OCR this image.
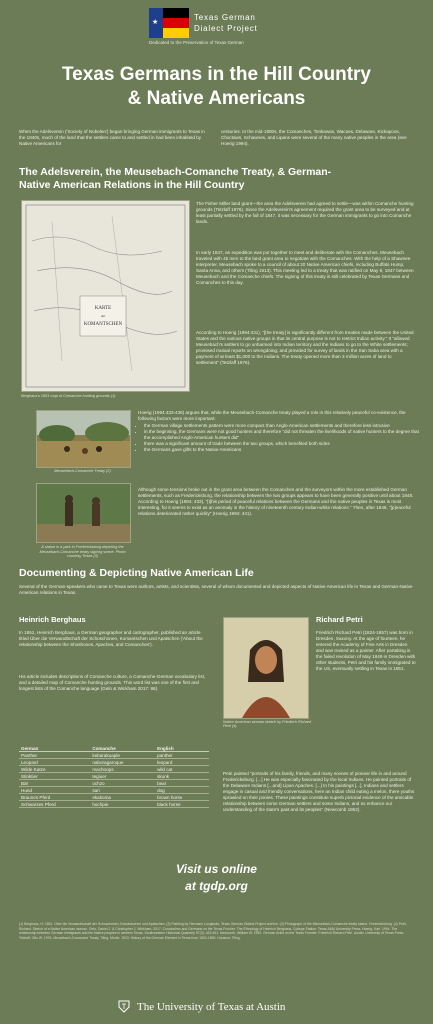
★
Texas German
Dialect Project
Dedicated to the Preservation of Texas German
Texas Germans in the Hill Country
& Native Americans
When the Adelsverein ('Society of Nobelen') began bringing German immigrants to Texas in the 1840s, much of the land that the settlers came to and settled in had been inhabited by Native Americans for
centuries. In the mid-1800s, the Comanches, Tonkawas, Wacoes, Delaware, Kickapoos, Choctaws, Schawnes, and Lipans were several of the many native peoples in the area (see Hoerig 1994).
The Adelsverein, the Meusebach-Comanche Treaty, & German-
Native American Relations in the Hill Country
KARTE
der
KOMANTSCHEN
Berghaus's 1851 map of Comanche hunting grounds (1)
The Fisher Miller land grant—the area the Adelsverein had agreed to settle—was within Comanche hunting grounds (Tetzlaff 1976). Since the Adelsverein's agreement required the grant area to be surveyed and at least partially settled by the fall of 1847, it was necessary for the German immigrants to go into Comanche lands.
In early 1847, an expedition was put together to meet and deliberate with the Comanches. Meusebach traveled with 45 men to the land grant area to negotiate with the Comanches. With the help of a Shawnee interpreter, Meusebach spoke to a council of about 20 Native American chiefs, including Buffalo Hump, Santa Anna, and others (Tiling 1913). This meeting led to a treaty that was ratified on May 9, 1847 between Meusebach and the Comanche chiefs. The signing of this treaty is still celebrated by Texas Germans and Comanches to this day.
According to Hoerig (1994:431), "[the treaty] is significantly different from treaties made between the United States and the various native groups in that its central purpose is not to restrict Indian activity." It "allowed Meusebach's settlers to go unharmed into Indian territory and the Indians to go to the White settlements; promised mutual reports on wrongdoing; and provided for survey of lands in the San Saba area with a payment of at least $1,000 to the Indians. The treaty opened more than 3 million acres of land to settlement" (Tetzlaff 1976).
Meusebach-Comanche Treaty (2)
Hoerig (1994:433-436) argues that, while the Meusebach-Comanche treaty played a role in this relatively peaceful co-existence, the following factors were more important:
• the German village settlements pattern were more compact than Anglo-American settlements and therefore less intrusive
• in the beginning, the Germans were not good hunters and therefore "did not threaten the livelihoods of native hunters to the degree that the accomplished Anglo-American hunters did"
• there was a significant amount of trade between the two groups, which benefited both sides
• the Germans gave gifts to the Native Americans
A statue in a park in Fredericksburg depicting the Meusebach-Comanche treaty signing scene. Photo courtesy Texas (3)
Although some tensions broke out in the grant area between the Comanches and the surveyors within the more established German settlements, such as Fredericksburg, the relationship between the two groups appears to have been generally positive until about 1848. According to Hoerig (1994: 433), "[t]his period of peaceful relations between the Germans and the native peoples in Texas is most interesting, for it seems to exist as an anomaly in the history of nineteenth century Indian-white relations." Then, after 1848, "[p]eaceful relations deteriorated rather quickly" (Hoerig 1994: 441).
Documenting & Depicting Native American Life
Several of the German-speakers who came to Texas were authors, artists, and scientists, several of whom documented and depicted aspects of Native American life in Texas and German-Native American relations in Texas.
Heinrich Berghaus
In 1851, Heinrich Berghaus, a German geographer and cartographer, published an article titled Über die Verwandtschaft der Schoschonen, Komantschen und Apatschen ('About the relationship between the Shoshones, Apaches, and Comanches').
His article includes descriptions of Comanche culture, a Comanche-German vocabulary list, and a detailed map of Comanche hunting grounds. This word list was one of the first and longest lists of the Comanche language (Gelo & Wickham 2017: 86).
German	Comanche	English
Panther	kebarakuaple	panther
Leopard	naboragaroque	leopard
Wilde Katze	machoops	wild cat
Stinktier	tegiuer	skunk
Bär	ochzo	bear
Hund	sari	dog
Braunes Pferd	ekakoma	brown horse
Schwarzes Pferd	hochpie	black horse
Native American woman sketch by Friedrich Richard Petri (4)
Richard Petri
Friedrich Richard Petri (1824-1857) was born in Dresden, Saxony. At the age of fourteen, he entered the Academy of Fine Arts in Dresden and was trained as a painter. After partaking in the failed revolution of May 1849 in Dresden with other students, Petri and his family immigrated to the US, eventually settling in Texas in 1851.
Petri painted "portraits of his family, friends, and many scenes of pioneer life in and around Fredericksburg. [...] He was especially fascinated by the local Indians. He painted portraits of the Delaware Indians [...and] Lipan Apaches. [...] In his paintings [...], Indians and settlers engage in casual and friendly conversations, here an Indian child eating a melon, there youths sprawled on their ponies. These paintings constitute superb pictorial evidence of the amicable relationship between some German settlers and some Indians, and so enhance our understanding of the state's past and its peoples" (Newcomb 1952).
Visit us online
at tgdp.org
(1) Berghaus, H. 1851. Über die Verwandtschaft der Schoschonen, Komantschen und Apatschen. (2) Painting by Hermann Lungkwitz, Texas German Dialect Project archive. (3) Photograph of the Meusebach-Comanche treaty statue, Fredericksburg. (4) Petri, Richard. Sketch of a Native American woman. Gelo, Daniel J. & Christopher J. Wickham. 2017. Comanches and Germans on the Texas Frontier: The Ethnology of Heinrich Berghaus. College Station: Texas A&M University Press. Hoerig, Karl. 1994. The relationship between German immigrants and the Native peoples in western Texas. Southwestern Historical Quarterly 97(3): 423-451. Newcomb, William W. 1952. German Artist on the Texas Frontier: Friedrich Richard Petri. Austin: University of Texas Press. Tetzlaff, Otto W. 1976. Meusebach-Comanche Treaty. Tiling, Moritz. 1913. History of the German Element in Texas from 1820-1850. Houston: Tiling.
The University of Texas at Austin
